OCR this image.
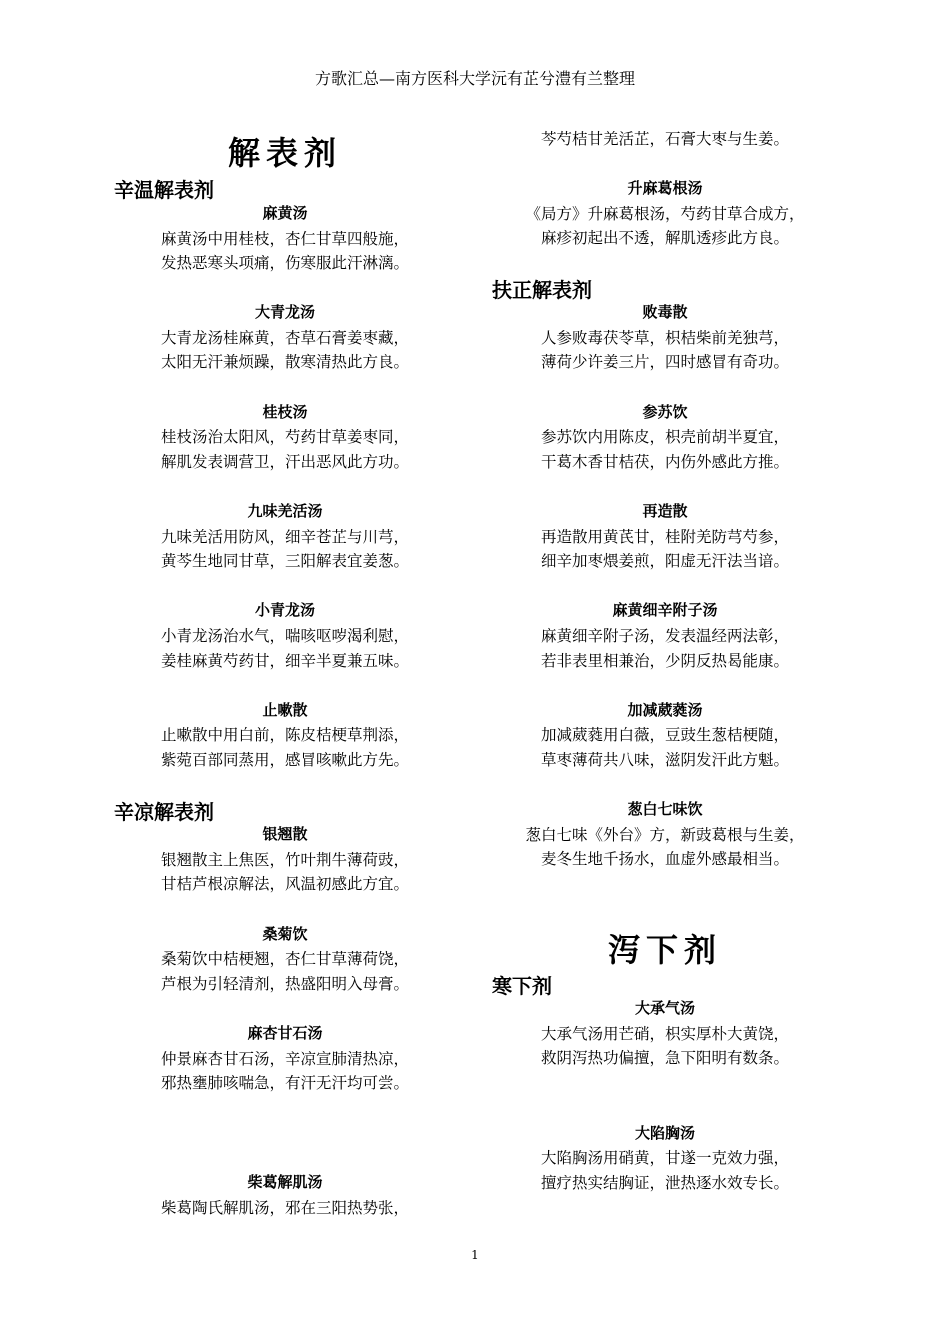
方歌汇总—南方医科大学沅有芷兮澧有兰整理
解表剂
辛温解表剂
麻黄汤
麻黄汤中用桂枝，杏仁甘草四般施，
发热恶寒头项痛，伤寒服此汗淋漓。
大青龙汤
大青龙汤桂麻黄，杏草石膏姜枣藏，
太阳无汗兼烦躁，散寒清热此方良。
桂枝汤
桂枝汤治太阳风，芍药甘草姜枣同，
解肌发表调营卫，汗出恶风此方功。
九味羌活汤
九味羌活用防风，细辛苍芷与川芎，
黄芩生地同甘草，三阳解表宜姜葱。
小青龙汤
小青龙汤治水气，喘咳呕哕渴利慰，
姜桂麻黄芍药甘，细辛半夏兼五味。
止嗽散
止嗽散中用白前，陈皮桔梗草荆添，
紫菀百部同蒸用，感冒咳嗽此方先。
辛凉解表剂
银翘散
银翘散主上焦医，竹叶荆牛薄荷豉，
甘桔芦根凉解法，风温初感此方宜。
桑菊饮
桑菊饮中桔梗翘，杏仁甘草薄荷饶，
芦根为引轻清剂，热盛阳明入母膏。
麻杏甘石汤
仲景麻杏甘石汤，辛凉宣肺清热凉，
邪热壅肺咳喘急，有汗无汗均可尝。
柴葛解肌汤
柴葛陶氏解肌汤，邪在三阳热势张，
芩芍桔甘羌活芷，石膏大枣与生姜。
升麻葛根汤
《局方》升麻葛根汤，芍药甘草合成方，
麻疹初起出不透，解肌透疹此方良。
扶正解表剂
败毒散
人参败毒茯苓草，枳桔柴前羌独芎，
薄荷少许姜三片，四时感冒有奇功。
参苏饮
参苏饮内用陈皮，枳壳前胡半夏宜，
干葛木香甘桔茯，内伤外感此方推。
再造散
再造散用黄芪甘，桂附羌防芎芍参，
细辛加枣煨姜煎，阳虚无汗法当谙。
麻黄细辛附子汤
麻黄细辛附子汤，发表温经两法彰，
若非表里相兼治，少阴反热曷能康。
加减葳蕤汤
加减葳蕤用白薇，豆豉生葱桔梗随，
草枣薄荷共八味，滋阴发汗此方魁。
葱白七味饮
葱白七味《外台》方，新豉葛根与生姜，
麦冬生地千扬水，血虚外感最相当。
泻下剂
寒下剂
大承气汤
大承气汤用芒硝，枳实厚朴大黄饶，
救阴泻热功偏擅，急下阳明有数条。
大陷胸汤
大陷胸汤用硝黄，甘遂一克效力强，
擅疗热实结胸证，泄热逐水效专长。
1
